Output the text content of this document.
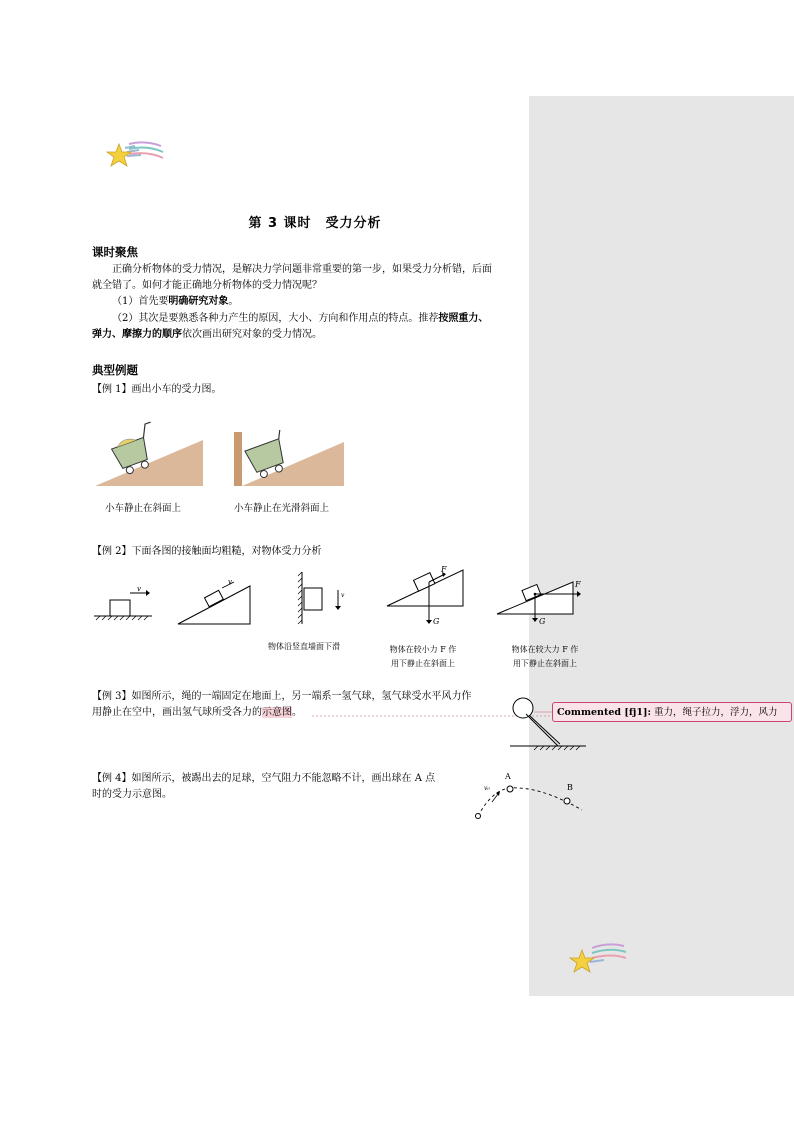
第 3 课时　受力分析
课时聚焦
正确分析物体的受力情况，是解决力学问题非常重要的第一步，如果受力分析错，后面
就全错了。如何才能正确地分析物体的受力情况呢？
（1）首先要明确研究对象。
（2）其次是要熟悉各种力产生的原因，大小、方向和作用点的特点。推荐按照重力、
弹力、摩擦力的顺序依次画出研究对象的受力情况。
典型例题
【例 1】画出小车的受力图。
小车静止在斜面上	小车静止在光滑斜面上
【例 2】下面各图的接触面均粗糙，对物体受力分析
v
v
v
物体沿竖直墙面下滑
F
G
物体在较小力 F 作
用下静止在斜面上
F
G
物体在较大力 F 作
用下静止在斜面上
【例 3】如图所示，绳的一端固定在地面上，另一端系一氢气球，氢气球受水平风力作
用静止在空中，画出氢气球所受各力的示意图。	Commented [fj1]: 重力，绳子拉力，浮力，风力
【例 4】如图所示，被踢出去的足球，空气阻力不能忽略不计，画出球在 A 点
时的受力示意图。
A
B
v₀
